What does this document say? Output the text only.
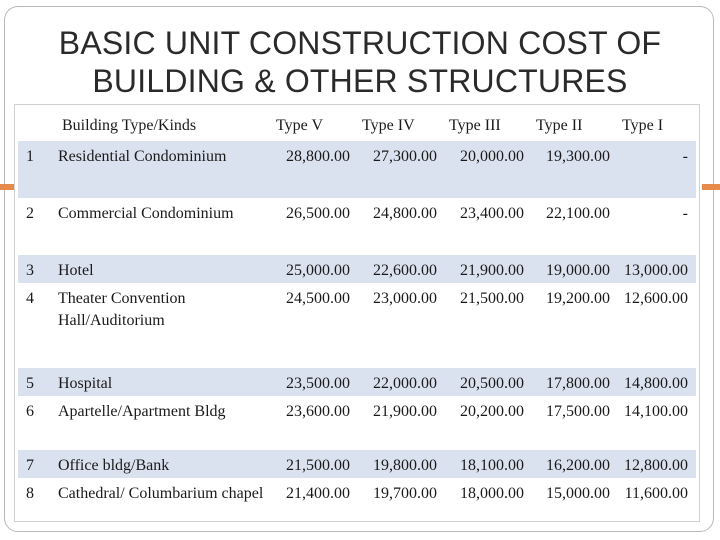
BASIC UNIT CONSTRUCTION COST OF
BUILDING & OTHER STRUCTURES
	Building Type/Kinds	Type V	Type IV	Type III	Type II	Type I
1	Residential Condominium	28,800.00	27,300.00	20,000.00	19,300.00	-
2	Commercial Condominium	26,500.00	24,800.00	23,400.00	22,100.00	-
3	Hotel	25,000.00	22,600.00	21,900.00	19,000.00	13,000.00
4	Theater Convention Hall/Auditorium	24,500.00	23,000.00	21,500.00	19,200.00	12,600.00
5	Hospital	23,500.00	22,000.00	20,500.00	17,800.00	14,800.00
6	Apartelle/Apartment Bldg	23,600.00	21,900.00	20,200.00	17,500.00	14,100.00
7	Office bldg/Bank	21,500.00	19,800.00	18,100.00	16,200.00	12,800.00
8	Cathedral/ Columbarium chapel	21,400.00	19,700.00	18,000.00	15,000.00	11,600.00
